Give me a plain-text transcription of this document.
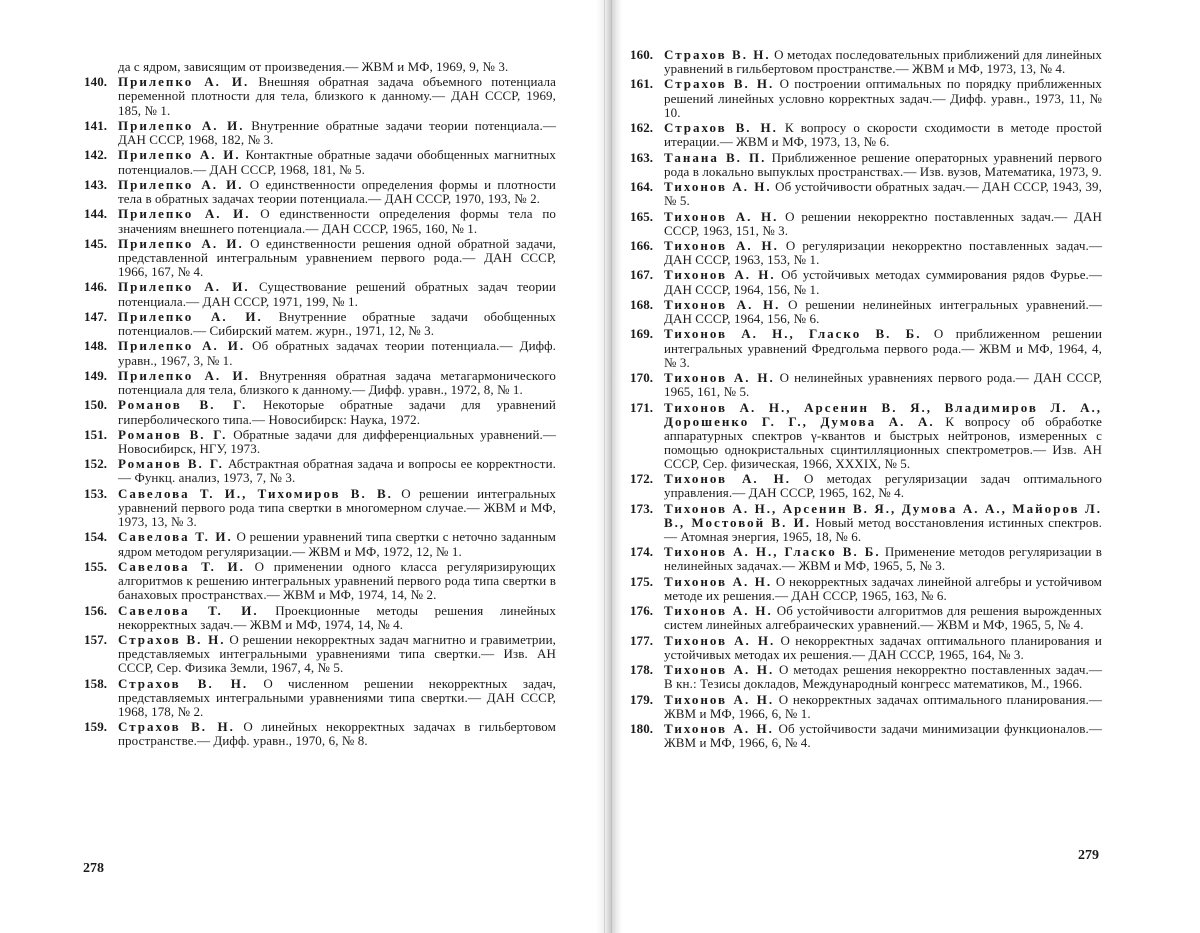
да с ядром, зависящим от произведения.— ЖВМ и МФ, 1969, 9, № 3.
140. Прилепко А. И. Внешняя обратная задача объемного потенциала переменной плотности для тела, близкого к данному.— ДАН СССР, 1969, 185, № 1.
141. Прилепко А. И. Внутренние обратные задачи теории потенциала.— ДАН СССР, 1968, 182, № 3.
142. Прилепко А. И. Контактные обратные задачи обобщенных магнитных потенциалов.— ДАН СССР, 1968, 181, № 5.
143. Прилепко А. И. О единственности определения формы и плотности тела в обратных задачах теории потенциала.— ДАН СССР, 1970, 193, № 2.
144. Прилепко А. И. О единственности определения формы тела по значениям внешнего потенциала.— ДАН СССР, 1965, 160, № 1.
145. Прилепко А. И. О единственности решения одной обратной задачи, представленной интегральным уравнением первого рода.— ДАН СССР, 1966, 167, № 4.
146. Прилепко А. И. Существование решений обратных задач теории потенциала.— ДАН СССР, 1971, 199, № 1.
147. Прилепко А. И. Внутренние обратные задачи обобщенных потенциалов.— Сибирский матем. журн., 1971, 12, № 3.
148. Прилепко А. И. Об обратных задачах теории потенциала.— Дифф. уравн., 1967, 3, № 1.
149. Прилепко А. И. Внутренняя обратная задача метагармонического потенциала для тела, близкого к данному.— Дифф. уравн., 1972, 8, № 1.
150. Романов В. Г. Некоторые обратные задачи для уравнений гиперболического типа.— Новосибирск: Наука, 1972.
151. Романов В. Г. Обратные задачи для дифференциальных уравнений.— Новосибирск, НГУ, 1973.
152. Романов В. Г. Абстрактная обратная задача и вопросы ее корректности.— Функц. анализ, 1973, 7, № 3.
153. Савелова Т. И., Тихомиров В. В. О решении интегральных уравнений первого рода типа свертки в многомерном случае.— ЖВМ и МФ, 1973, 13, № 3.
154. Савелова Т. И. О решении уравнений типа свертки с неточно заданным ядром методом регуляризации.— ЖВМ и МФ, 1972, 12, № 1.
155. Савелова Т. И. О применении одного класса регуляризирующих алгоритмов к решению интегральных уравнений первого рода типа свертки в банаховых пространствах.— ЖВМ и МФ, 1974, 14, № 2.
156. Савелова Т. И. Проекционные методы решения линейных некорректных задач.— ЖВМ и МФ, 1974, 14, № 4.
157. Страхов В. Н. О решении некорректных задач магнитно и гравиметрии, представляемых интегральными уравнениями типа свертки.— Изв. АН СССР, Сер. Физика Земли, 1967, 4, № 5.
158. Страхов В. Н. О численном решении некорректных задач, представляемых интегральными уравнениями типа свертки.— ДАН СССР, 1968, 178, № 2.
159. Страхов В. Н. О линейных некорректных задачах в гильбертовом пространстве.— Дифф. уравн., 1970, 6, № 8.
278
160. Страхов В. Н. О методах последовательных приближений для линейных уравнений в гильбертовом пространстве.— ЖВМ и МФ, 1973, 13, № 4.
161. Страхов В. Н. О построении оптимальных по порядку приближенных решений линейных условно корректных задач.— Дифф. уравн., 1973, 11, № 10.
162. Страхов В. Н. К вопросу о скорости сходимости в методе простой итерации.— ЖВМ и МФ, 1973, 13, № 6.
163. Танана В. П. Приближенное решение операторных уравнений первого рода в локально выпуклых пространствах.— Изв. вузов, Математика, 1973, 9.
164. Тихонов А. Н. Об устойчивости обратных задач.— ДАН СССР, 1943, 39, № 5.
165. Тихонов А. Н. О решении некорректно поставленных задач.— ДАН СССР, 1963, 151, № 3.
166. Тихонов А. Н. О регуляризации некорректно поставленных задач.— ДАН СССР, 1963, 153, № 1.
167. Тихонов А. Н. Об устойчивых методах суммирования рядов Фурье.— ДАН СССР, 1964, 156, № 1.
168. Тихонов А. Н. О решении нелинейных интегральных уравнений.— ДАН СССР, 1964, 156, № 6.
169. Тихонов А. Н., Гласко В. Б. О приближенном решении интегральных уравнений Фредгольма первого рода.— ЖВМ и МФ, 1964, 4, № 3.
170. Тихонов А. Н. О нелинейных уравнениях первого рода.— ДАН СССР, 1965, 161, № 5.
171. Тихонов А. Н., Арсенин В. Я., Владимиров Л. А., Дорошенко Г. Г., Думова А. А. К вопросу об обработке аппаратурных спектров γ-квантов и быстрых нейтронов, измеренных с помощью однокристальных сцинтилляционных спектрометров.— Изв. АН СССР, Сер. физическая, 1966, XXXIX, № 5.
172. Тихонов А. Н. О методах регуляризации задач оптимального управления.— ДАН СССР, 1965, 162, № 4.
173. Тихонов А. Н., Арсенин В. Я., Думова А. А., Майоров Л. В., Мостовой В. И. Новый метод восстановления истинных спектров.— Атомная энергия, 1965, 18, № 6.
174. Тихонов А. Н., Гласко В. Б. Применение методов регуляризации в нелинейных задачах.— ЖВМ и МФ, 1965, 5, № 3.
175. Тихонов А. Н. О некорректных задачах линейной алгебры и устойчивом методе их решения.— ДАН СССР, 1965, 163, № 6.
176. Тихонов А. Н. Об устойчивости алгоритмов для решения вырожденных систем линейных алгебраических уравнений.— ЖВМ и МФ, 1965, 5, № 4.
177. Тихонов А. Н. О некорректных задачах оптимального планирования и устойчивых методах их решения.— ДАН СССР, 1965, 164, № 3.
178. Тихонов А. Н. О методах решения некорректно поставленных задач.— В кн.: Тезисы докладов, Международный конгресс математиков, М., 1966.
179. Тихонов А. Н. О некорректных задачах оптимального планирования.— ЖВМ и МФ, 1966, 6, № 1.
180. Тихонов А. Н. Об устойчивости задачи минимизации функционалов.— ЖВМ и МФ, 1966, 6, № 4.
279
